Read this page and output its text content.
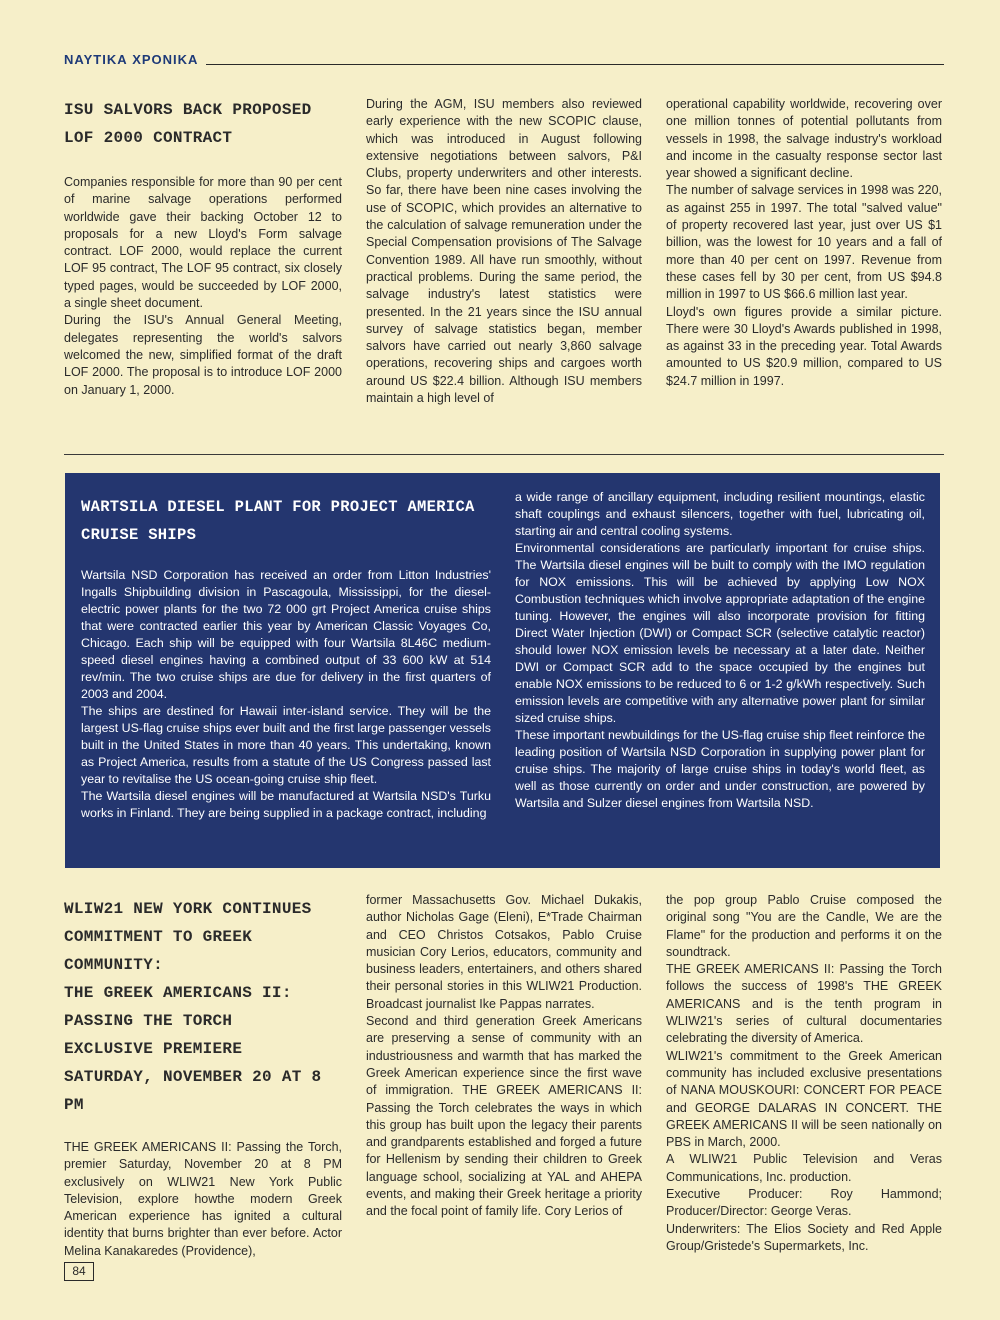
ΝΑΥΤΙΚΑ ΧΡΟΝΙΚΑ
ISU SALVORS BACK PROPOSED
LOF 2000 CONTRACT

Companies responsible for more than 90 per cent of marine salvage operations performed worldwide gave their backing October 12 to proposals for a new Lloyd's Form salvage contract. LOF 2000, would replace the current LOF 95 contract, The LOF 95 contract, six closely typed pages, would be succeeded by LOF 2000, a single sheet document.

During the ISU's Annual General Meeting, delegates representing the world's salvors welcomed the new, simplified format of the draft LOF 2000. The proposal is to introduce LOF 2000 on January 1, 2000.

During the AGM, ISU members also reviewed early experience with the new SCOPIC clause, which was introduced in August following extensive negotiations between salvors, P&I Clubs, property underwriters and other interests. So far, there have been nine cases involving the use of SCOPIC, which provides an alternative to the calculation of salvage remuneration under the Special Compensation provisions of The Salvage Convention 1989. All have run smoothly, without practical problems. During the same period, the salvage industry's latest statistics were presented. In the 21 years since the ISU annual survey of salvage statistics began, member salvors have carried out nearly 3,860 salvage operations, recovering ships and cargoes worth around US $22.4 billion. Although ISU members maintain a high level of

operational capability worldwide, recovering over one million tonnes of potential pollutants from vessels in 1998, the salvage industry's workload and income in the casualty response sector last year showed a significant decline.

The number of salvage services in 1998 was 220, as against 255 in 1997. The total "salved value" of property recovered last year, just over US $1 billion, was the lowest for 10 years and a fall of more than 40 per cent on 1997. Revenue from these cases fell by 30 per cent, from US $94.8 million in 1997 to US $66.6 million last year.

Lloyd's own figures provide a similar picture. There were 30 Lloyd's Awards published in 1998, as against 33 in the preceding year. Total Awards amounted to US $20.9 million, compared to US $24.7 million in 1997.

WARTSILA DIESEL PLANT FOR PROJECT AMERICA
CRUISE SHIPS

Wartsila NSD Corporation has received an order from Litton Industries' Ingalls Shipbuilding division in Pascagoula, Mississippi, for the diesel-electric power plants for the two 72 000 grt Project America cruise ships that were contracted earlier this year by American Classic Voyages Co, Chicago. Each ship will be equipped with four Wartsila 8L46C medium-speed diesel engines having a combined output of 33 600 kW at 514 rev/min. The two cruise ships are due for delivery in the first quarters of 2003 and 2004.

The ships are destined for Hawaii inter-island service. They will be the largest US-flag cruise ships ever built and the first large passenger vessels built in the United States in more than 40 years. This undertaking, known as Project America, results from a statute of the US Congress passed last year to revitalise the US ocean-going cruise ship fleet.

The Wartsila diesel engines will be manufactured at Wartsila NSD's Turku works in Finland. They are being supplied in a package contract, including

a wide range of ancillary equipment, including resilient mountings, elastic shaft couplings and exhaust silencers, together with fuel, lubricating oil, starting air and central cooling systems.

Environmental considerations are particularly important for cruise ships. The Wartsila diesel engines will be built to comply with the IMO regulation for NOX emissions. This will be achieved by applying Low NOX Combustion techniques which involve appropriate adaptation of the engine tuning. However, the engines will also incorporate provision for fitting Direct Water Injection (DWI) or Compact SCR (selective catalytic reactor) should lower NOX emission levels be necessary at a later date. Neither DWI or Compact SCR add to the space occupied by the engines but enable NOX emissions to be reduced to 6 or 1-2 g/kWh respectively. Such emission levels are competitive with any alternative power plant for similar sized cruise ships.

These important newbuildings for the US-flag cruise ship fleet reinforce the leading position of Wartsila NSD Corporation in supplying power plant for cruise ships. The majority of large cruise ships in today's world fleet, as well as those currently on order and under construction, are powered by Wartsila and Sulzer diesel engines from Wartsila NSD.

WLIW21 NEW YORK CONTINUES
COMMITMENT TO GREEK
COMMUNITY:
THE GREEK AMERICANS II:
PASSING THE TORCH
EXCLUSIVE PREMIERE
SATURDAY, NOVEMBER 20 AT 8
PM

THE GREEK AMERICANS II: Passing the Torch, premier Saturday, November 20 at 8 PM exclusively on WLIW21 New York Public Television, explore howthe modern Greek American experience has ignited a cultural identity that burns brighter than ever before. Actor Melina Kanakaredes (Providence),

former Massachusetts Gov. Michael Dukakis, author Nicholas Gage (Eleni), E*Trade Chairman and CEO Christos Cotsakos, Pablo Cruise musician Cory Lerios, educators, community and business leaders, entertainers, and others shared their personal stories in this WLIW21 Production. Broadcast journalist Ike Pappas narrates.

Second and third generation Greek Americans are preserving a sense of community with an industriousness and warmth that has marked the Greek American experience since the first wave of immigration. THE GREEK AMERICANS II: Passing the Torch celebrates the ways in which this group has built upon the legacy their parents and grandparents established and forged a future for Hellenism by sending their children to Greek language school, socializing at YAL and AHEPA events, and making their Greek heritage a priority and the focal point of family life. Cory Lerios of

the pop group Pablo Cruise composed the original song "You are the Candle, We are the Flame" for the production and performs it on the soundtrack.

THE GREEK AMERICANS II: Passing the Torch follows the success of 1998's THE GREEK AMERICANS and is the tenth program in WLIW21's series of cultural documentaries celebrating the diversity of America.

WLIW21's commitment to the Greek American community has included exclusive presentations of NANA MOUSKOURI: CONCERT FOR PEACE and GEORGE DALARAS IN CONCERT. THE GREEK AMERICANS II will be seen nationally on PBS in March, 2000.

A WLIW21 Public Television and Veras Communications, Inc. production.

Executive Producer: Roy Hammond; Producer/Director: George Veras.

Underwriters: The Elios Society and Red Apple Group/Gristede's Supermarkets, Inc.

84
